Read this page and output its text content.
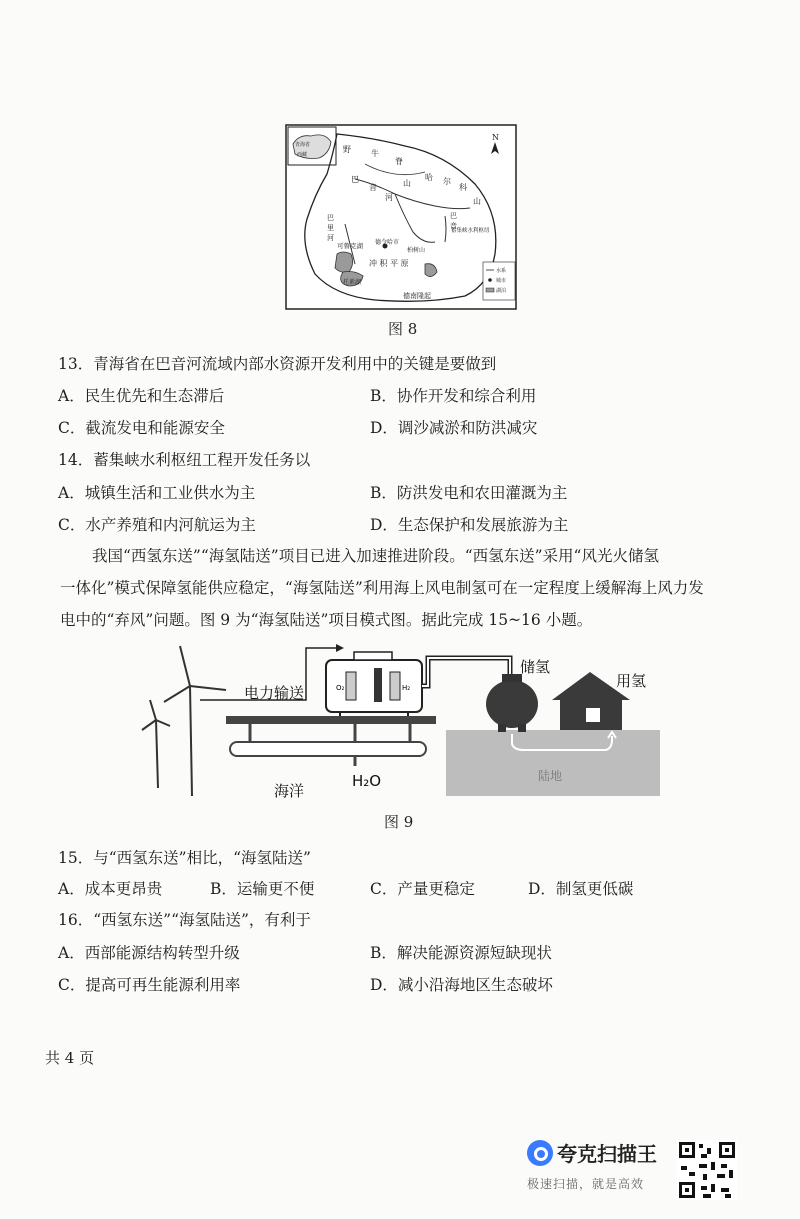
青海省
西藏
N
野	牛
脊
山
哈 尔
科
山
巴
音
河
巴
里
河
巴
音
蓄集峡水利枢纽
可鲁克湖 德令哈市
柏树山
冲 积 平 原
托素湖
德南隆起
水系
城市
湖泊
图 8
13．青海省在巴音河流域内部水资源开发利用中的关键是要做到
A．民生优先和生态滞后	B．协作开发和综合利用
C．截流发电和能源安全	D．调沙减淤和防洪减灾
14．蓄集峡水利枢纽工程开发任务以
A．城镇生活和工业供水为主	B．防洪发电和农田灌溉为主
C．水产养殖和内河航运为主	D．生态保护和发展旅游为主
我国“西氢东送”“海氢陆送”项目已进入加速推进阶段。“西氢东送”采用“风光火储氢
一体化”模式保障氢能供应稳定，“海氢陆送”利用海上风电制氢可在一定程度上缓解海上风力发
电中的“弃风”问题。图 9 为“海氢陆送”项目模式图。据此完成 15~16 小题。
O₂	H₂
电力输送
储氢
用氢
海洋
H₂O	陆地
图 9
15．与“西氢东送”相比，“海氢陆送”
A．成本更昂贵	B．运输更不便	C．产量更稳定	D．制氢更低碳
16．“西氢东送”“海氢陆送”，有利于
A．西部能源结构转型升级	B．解决能源资源短缺现状
C．提高可再生能源利用率	D．减小沿海地区生态破坏
共 4 页
夸克扫描王
极速扫描，就是高效
